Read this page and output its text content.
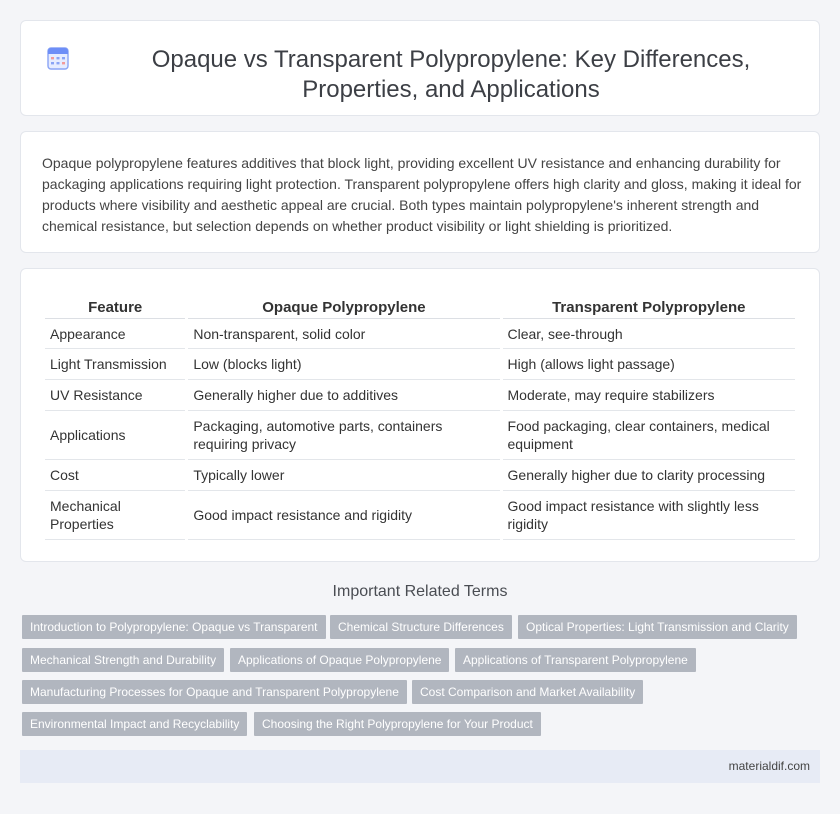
Opaque vs Transparent Polypropylene: Key Differences, Properties, and Applications

Opaque polypropylene features additives that block light, providing excellent UV resistance and enhancing durability for packaging applications requiring light protection. Transparent polypropylene offers high clarity and gloss, making it ideal for products where visibility and aesthetic appeal are crucial. Both types maintain polypropylene's inherent strength and chemical resistance, but selection depends on whether product visibility or light shielding is prioritized.

Feature	Opaque Polypropylene	Transparent Polypropylene
Appearance	Non-transparent, solid color	Clear, see-through
Light Transmission	Low (blocks light)	High (allows light passage)
UV Resistance	Generally higher due to additives	Moderate, may require stabilizers
Applications	Packaging, automotive parts, containers requiring privacy	Food packaging, clear containers, medical equipment
Cost	Typically lower	Generally higher due to clarity processing
Mechanical Properties	Good impact resistance and rigidity	Good impact resistance with slightly less rigidity
Important Related Terms
Introduction to Polypropylene: Opaque vs Transparent	Chemical Structure Differences	Optical Properties: Light Transmission and Clarity
Mechanical Strength and Durability	Applications of Opaque Polypropylene	Applications of Transparent Polypropylene
Manufacturing Processes for Opaque and Transparent Polypropylene	Cost Comparison and Market Availability
Environmental Impact and Recyclability	Choosing the Right Polypropylene for Your Product
materialdif.com
